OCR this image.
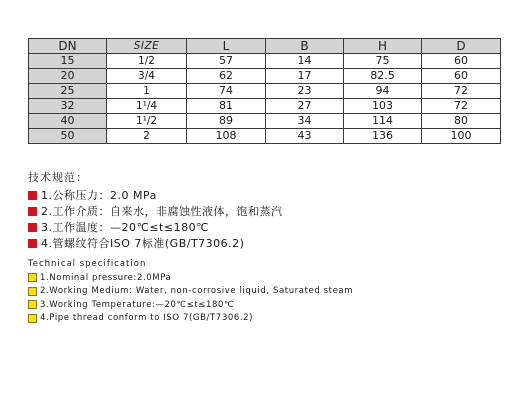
DN	SIZE	L	B	H	D
15	1/2	57	14	75	60
20	3/4	62	17	82.5	60
25	1	74	23	94	72
32	1¹/4	81	27	103	72
40	1¹/2	89	34	114	80
50	2	108	43	136	100
技术规范：
1.公称压力：2.0 MPa
2.工作介质：自来水，非腐蚀性液体，饱和蒸汽
3.工作温度：—20℃≤t≤180℃
4.管螺纹符合ISO 7标准(GB/T7306.2)
Technical specification
1.Nominal pressure:2.0MPa
2.Working Medium: Water, non-corrosive liquid, Saturated steam
3.Working Temperature:—20℃≤t≤180℃
4.Pipe thread conform to ISO 7(GB/T7306.2)
